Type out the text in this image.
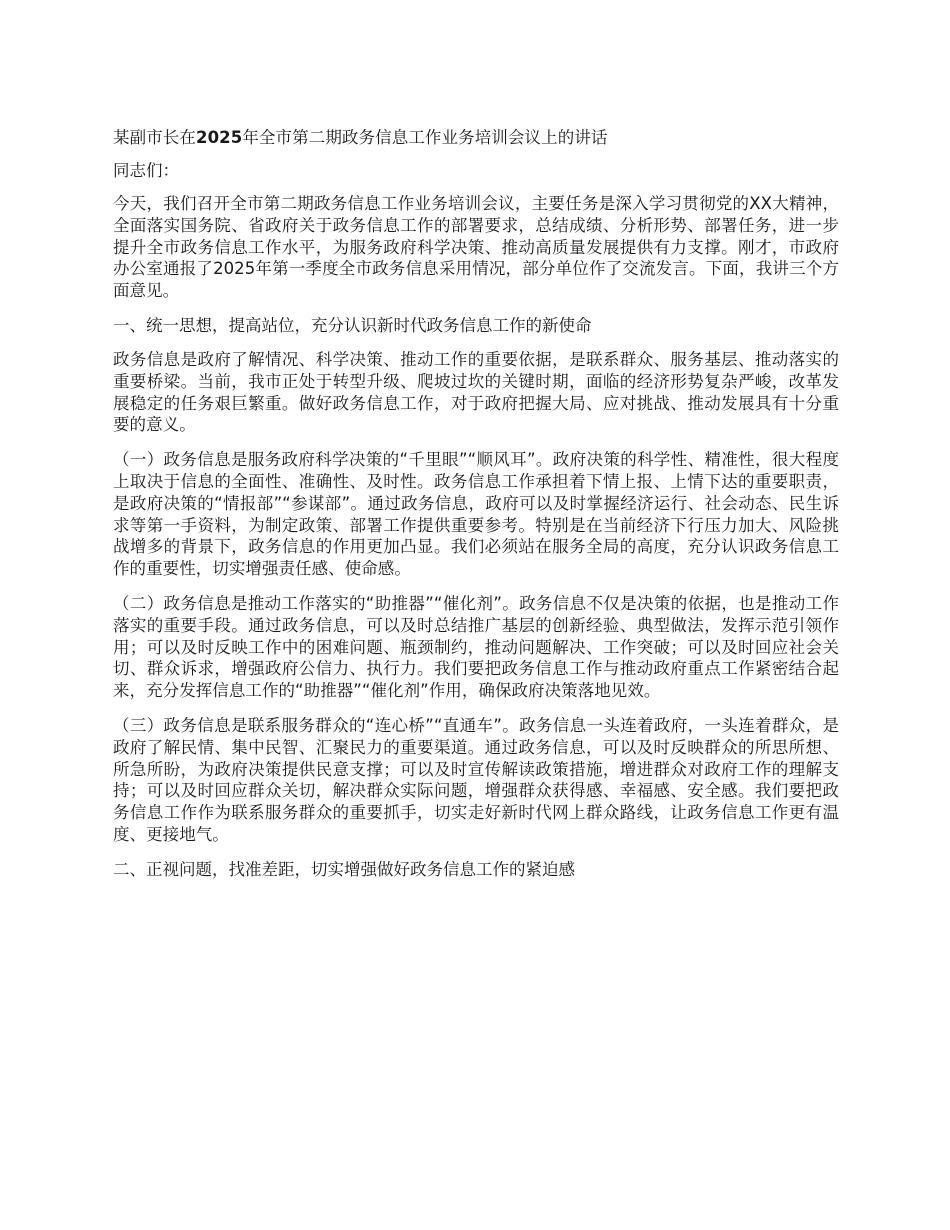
某副市长在2025年全市第二期政务信息工作业务培训会议上的讲话

同志们：

今天，我们召开全市第二期政务信息工作业务培训会议，主要任务是深入学习贯彻党的XX大精神，全面落实国务院、省政府关于政务信息工作的部署要求，总结成绩、分析形势、部署任务，进一步提升全市政务信息工作水平，为服务政府科学决策、推动高质量发展提供有力支撑。刚才，市政府办公室通报了2025年第一季度全市政务信息采用情况，部分单位作了交流发言。下面，我讲三个方面意见。

一、统一思想，提高站位，充分认识新时代政务信息工作的新使命

政务信息是政府了解情况、科学决策、推动工作的重要依据，是联系群众、服务基层、推动落实的重要桥梁。当前，我市正处于转型升级、爬坡过坎的关键时期，面临的经济形势复杂严峻，改革发展稳定的任务艰巨繁重。做好政务信息工作，对于政府把握大局、应对挑战、推动发展具有十分重要的意义。

（一）政务信息是服务政府科学决策的“千里眼”“顺风耳”。政府决策的科学性、精准性，很大程度上取决于信息的全面性、准确性、及时性。政务信息工作承担着下情上报、上情下达的重要职责，是政府决策的“情报部”“参谋部”。通过政务信息，政府可以及时掌握经济运行、社会动态、民生诉求等第一手资料，为制定政策、部署工作提供重要参考。特别是在当前经济下行压力加大、风险挑战增多的背景下，政务信息的作用更加凸显。我们必须站在服务全局的高度，充分认识政务信息工作的重要性，切实增强责任感、使命感。

（二）政务信息是推动工作落实的“助推器”“催化剂”。政务信息不仅是决策的依据，也是推动工作落实的重要手段。通过政务信息，可以及时总结推广基层的创新经验、典型做法，发挥示范引领作用；可以及时反映工作中的困难问题、瓶颈制约，推动问题解决、工作突破；可以及时回应社会关切、群众诉求，增强政府公信力、执行力。我们要把政务信息工作与推动政府重点工作紧密结合起来，充分发挥信息工作的“助推器”“催化剂”作用，确保政府决策落地见效。

（三）政务信息是联系服务群众的“连心桥”“直通车”。政务信息一头连着政府，一头连着群众，是政府了解民情、集中民智、汇聚民力的重要渠道。通过政务信息，可以及时反映群众的所思所想、所急所盼，为政府决策提供民意支撑；可以及时宣传解读政策措施，增进群众对政府工作的理解支持；可以及时回应群众关切，解决群众实际问题，增强群众获得感、幸福感、安全感。我们要把政务信息工作作为联系服务群众的重要抓手，切实走好新时代网上群众路线，让政务信息工作更有温度、更接地气。

二、正视问题，找准差距，切实增强做好政务信息工作的紧迫感
